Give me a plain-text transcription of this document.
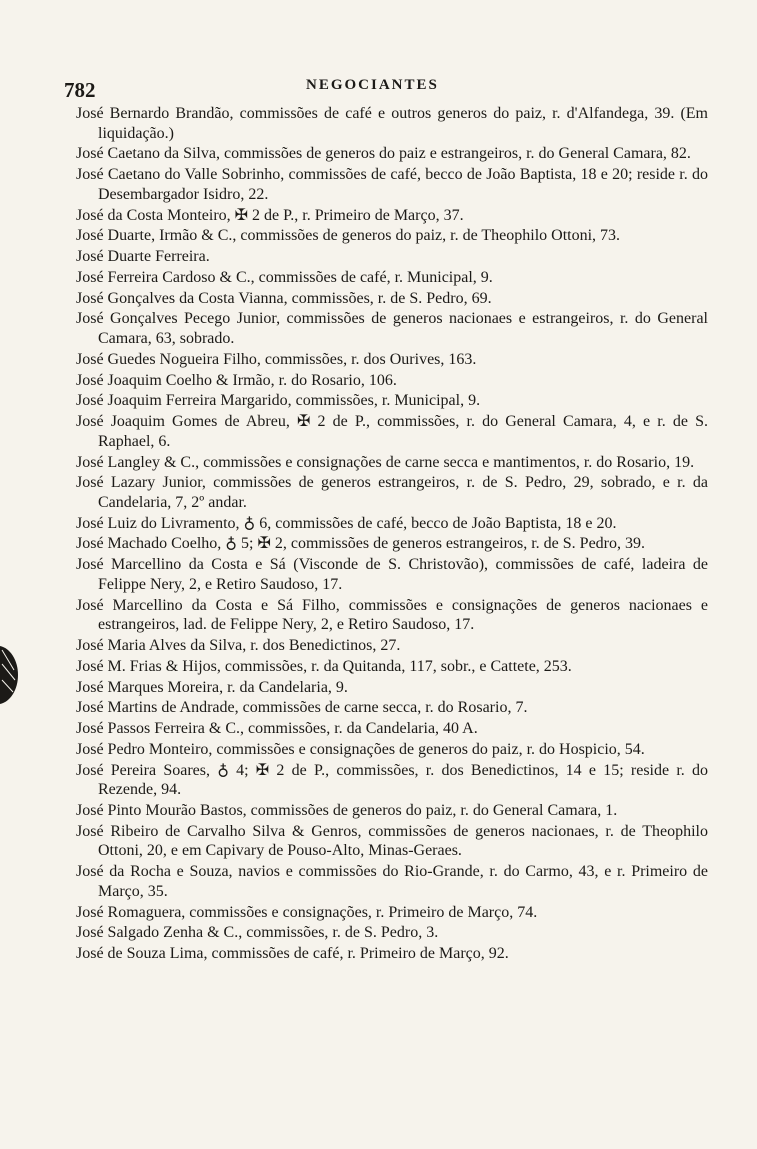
782	NEGOCIANTES

José Bernardo Brandão, commissões de café e outros generos do paiz, r. d'Alfandega, 39. (Em liquidação.)

José Caetano da Silva, commissões de generos do paiz e estrangeiros, r. do General Camara, 82.

José Caetano do Valle Sobrinho, commissões de café, becco de João Baptista, 18 e 20; reside r. do Desembargador Isidro, 22.

José da Costa Monteiro, ✠ 2 de P., r. Primeiro de Março, 37.

José Duarte, Irmão & C., commissões de generos do paiz, r. de Theophilo Ottoni, 73.

José Duarte Ferreira.

José Ferreira Cardoso & C., commissões de café, r. Municipal, 9.

José Gonçalves da Costa Vianna, commissões, r. de S. Pedro, 69.

José Gonçalves Pecego Junior, commissões de generos nacionaes e estrangeiros, r. do General Camara, 63, sobrado.

José Guedes Nogueira Filho, commissões, r. dos Ourives, 163.

José Joaquim Coelho & Irmão, r. do Rosario, 106.

José Joaquim Ferreira Margarido, commissões, r. Municipal, 9.

José Joaquim Gomes de Abreu, ✠ 2 de P., commissões, r. do General Camara, 4, e r. de S. Raphael, 6.

José Langley & C., commissões e consignações de carne secca e mantimentos, r. do Rosario, 19.

José Lazary Junior, commissões de generos estrangeiros, r. de S. Pedro, 29, sobrado, e r. da Candelaria, 7, 2º andar.

José Luiz do Livramento, ♁ 6, commissões de café, becco de João Baptista, 18 e 20.

José Machado Coelho, ♁ 5; ✠ 2, commissões de generos estrangeiros, r. de S. Pedro, 39.

José Marcellino da Costa e Sá (Visconde de S. Christovão), commissões de café, ladeira de Felippe Nery, 2, e Retiro Saudoso, 17.

José Marcellino da Costa e Sá Filho, commissões e consignações de generos nacionaes e estrangeiros, lad. de Felippe Nery, 2, e Retiro Saudoso, 17.

José Maria Alves da Silva, r. dos Benedictinos, 27.

José M. Frias & Hijos, commissões, r. da Quitanda, 117, sobr., e Cattete, 253.

José Marques Moreira, r. da Candelaria, 9.

José Martins de Andrade, commissões de carne secca, r. do Rosario, 7.

José Passos Ferreira & C., commissões, r. da Candelaria, 40 A.

José Pedro Monteiro, commissões e consignações de generos do paiz, r. do Hospicio, 54.

José Pereira Soares, ♁ 4; ✠ 2 de P., commissões, r. dos Benedictinos, 14 e 15; reside r. do Rezende, 94.

José Pinto Mourão Bastos, commissões de generos do paiz, r. do General Camara, 1.

José Ribeiro de Carvalho Silva & Genros, commissões de generos nacionaes, r. de Theophilo Ottoni, 20, e em Capivary de Pouso-Alto, Minas-Geraes.

José da Rocha e Souza, navios e commissões do Rio-Grande, r. do Carmo, 43, e r. Primeiro de Março, 35.

José Romaguera, commissões e consignações, r. Primeiro de Março, 74.

José Salgado Zenha & C., commissões, r. de S. Pedro, 3.

José de Souza Lima, commissões de café, r. Primeiro de Março, 92.
